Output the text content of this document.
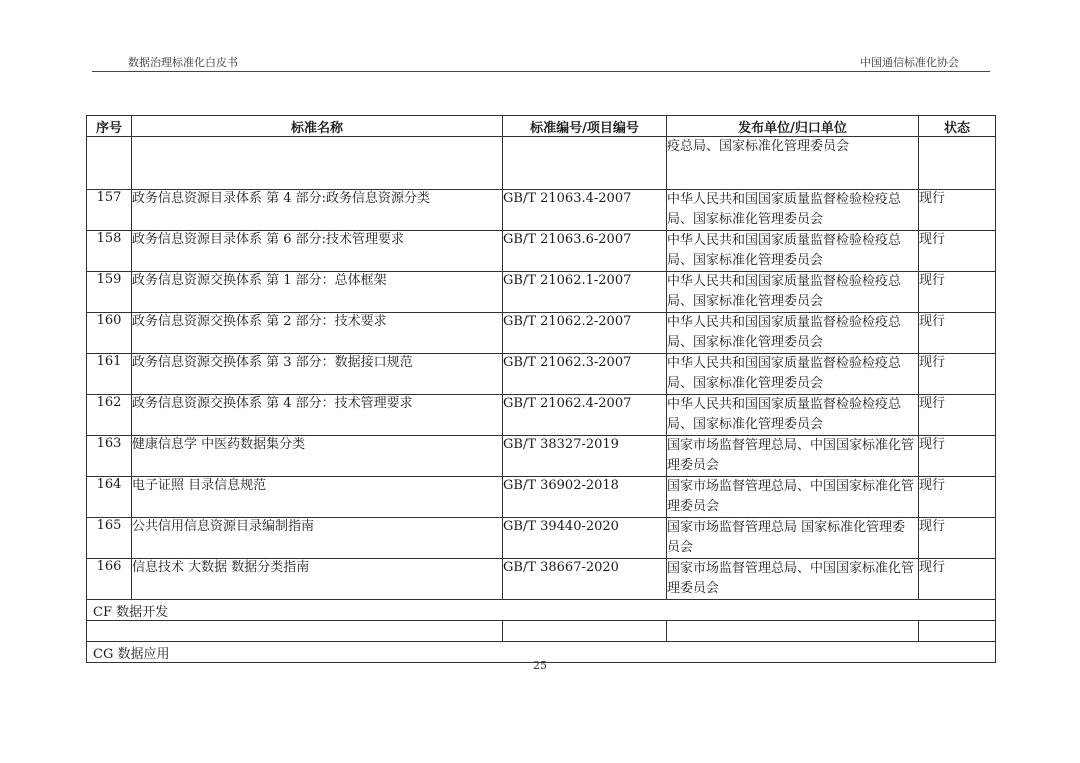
数据治理标准化白皮书	中国通信标准化协会
序号	标准名称	标准编号/项目编号	发布单位/归口单位	状态
			疫总局、国家标准化管理委员会	
157	政务信息资源目录体系 第 4 部分:政务信息资源分类	GB/T 21063.4-2007	中华人民共和国国家质量监督检验检疫总局、国家标准化管理委员会	现行
158	政务信息资源目录体系 第 6 部分:技术管理要求	GB/T 21063.6-2007	中华人民共和国国家质量监督检验检疫总局、国家标准化管理委员会	现行
159	政务信息资源交换体系 第 1 部分：总体框架	GB/T 21062.1-2007	中华人民共和国国家质量监督检验检疫总局、国家标准化管理委员会	现行
160	政务信息资源交换体系 第 2 部分：技术要求	GB/T 21062.2-2007	中华人民共和国国家质量监督检验检疫总局、国家标准化管理委员会	现行
161	政务信息资源交换体系 第 3 部分：数据接口规范	GB/T 21062.3-2007	中华人民共和国国家质量监督检验检疫总局、国家标准化管理委员会	现行
162	政务信息资源交换体系 第 4 部分：技术管理要求	GB/T 21062.4-2007	中华人民共和国国家质量监督检验检疫总局、国家标准化管理委员会	现行
163	健康信息学 中医药数据集分类	GB/T 38327-2019	国家市场监督管理总局、中国国家标准化管理委员会	现行
164	电子证照 目录信息规范	GB/T 36902-2018	国家市场监督管理总局、中国国家标准化管理委员会	现行
165	公共信用信息资源目录编制指南	GB/T 39440-2020	国家市场监督管理总局 国家标准化管理委员会	现行
166	信息技术 大数据 数据分类指南	GB/T 38667-2020	国家市场监督管理总局、中国国家标准化管理委员会	现行
CF 数据开发				

CG 数据应用				
25
